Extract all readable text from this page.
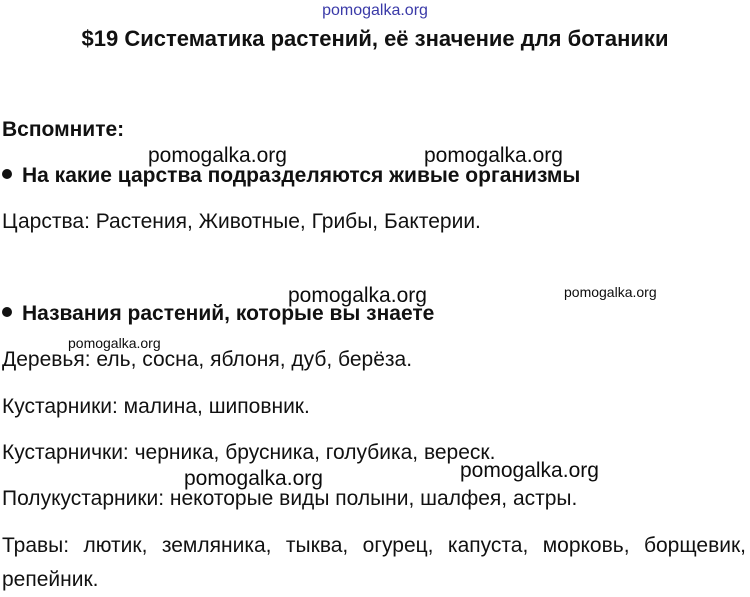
pomogalka.org
$19 Систематика растений, её значение для ботаники
Вспомните:
На какие царства подразделяются живые организмы
Царства: Растения, Животные, Грибы, Бактерии.
Названия растений, которые вы знаете
Деревья: ель, сосна, яблоня, дуб, берёза.
Кустарники: малина, шиповник.
Кустарнички: черника, брусника, голубика, вереск.
Полукустарники: некоторые виды полыни, шалфея, астры.
Травы: лютик, земляника, тыква, огурец, капуста, морковь, борщевик, репейник.
pomogalka.org	pomogalka.org
pomogalka.org	pomogalka.org
pomogalka.org
pomogalka.org	pomogalka.org
